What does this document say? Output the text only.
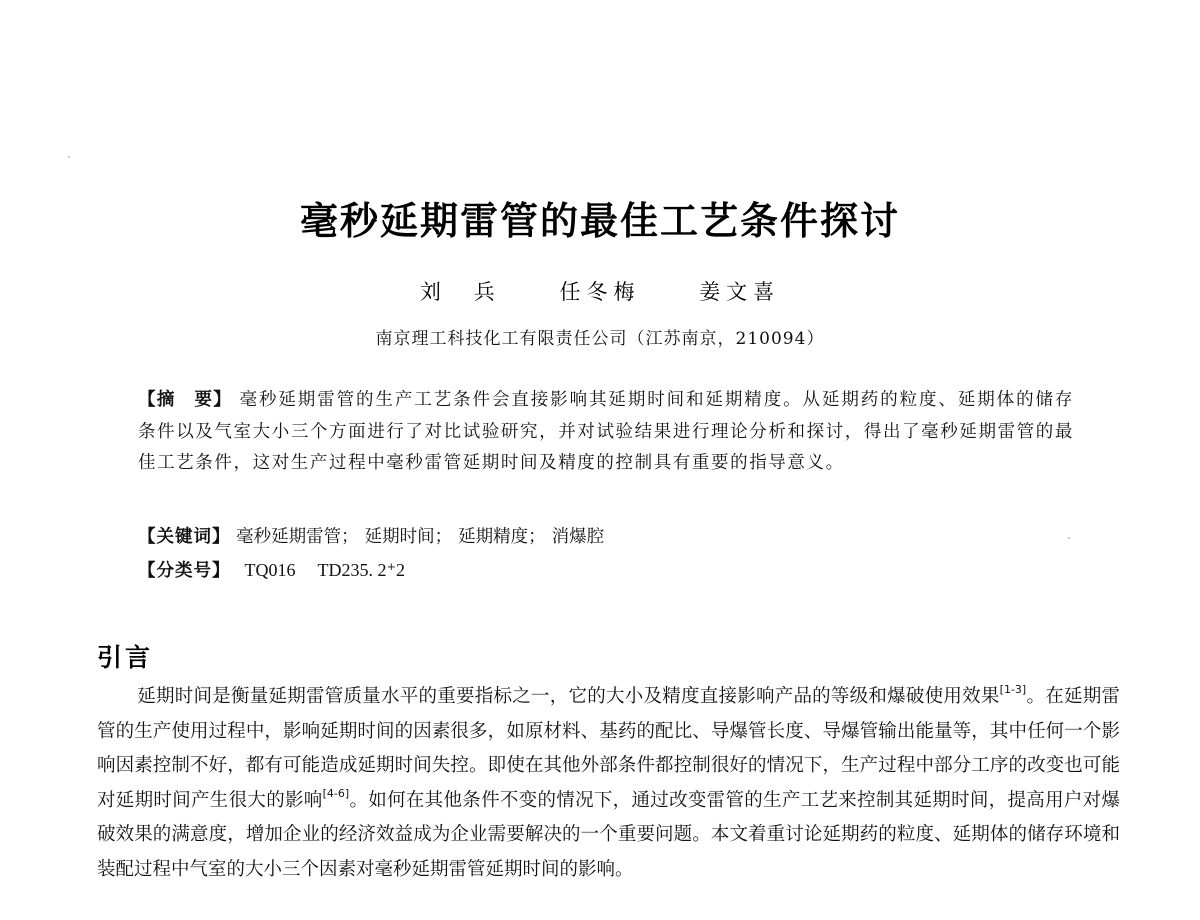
毫秒延期雷管的最佳工艺条件探讨
刘　兵	任冬梅	姜文喜
南京理工科技化工有限责任公司（江苏南京，210094）
【摘　要】 毫秒延期雷管的生产工艺条件会直接影响其延期时间和延期精度。从延期药的粒度、延期体的储存条件以及气室大小三个方面进行了对比试验研究，并对试验结果进行理论分析和探讨，得出了毫秒延期雷管的最佳工艺条件，这对生产过程中毫秒雷管延期时间及精度的控制具有重要的指导意义。
【关键词】 毫秒延期雷管； 延期时间； 延期精度； 消爆腔
【分类号】 TQ016 TD235. 2⁺2
引言
延期时间是衡量延期雷管质量水平的重要指标之一，它的大小及精度直接影响产品的等级和爆破使用效果[1-3]。在延期雷管的生产使用过程中，影响延期时间的因素很多，如原材料、基药的配比、导爆管长度、导爆管输出能量等，其中任何一个影响因素控制不好，都有可能造成延期时间失控。即使在其他外部条件都控制很好的情况下，生产过程中部分工序的改变也可能对延期时间产生很大的影响[4-6]。如何在其他条件不变的情况下，通过改变雷管的生产工艺来控制其延期时间，提高用户对爆破效果的满意度，增加企业的经济效益成为企业需要解决的一个重要问题。本文着重讨论延期药的粒度、延期体的储存环境和装配过程中气室的大小三个因素对毫秒延期雷管延期时间的影响。
